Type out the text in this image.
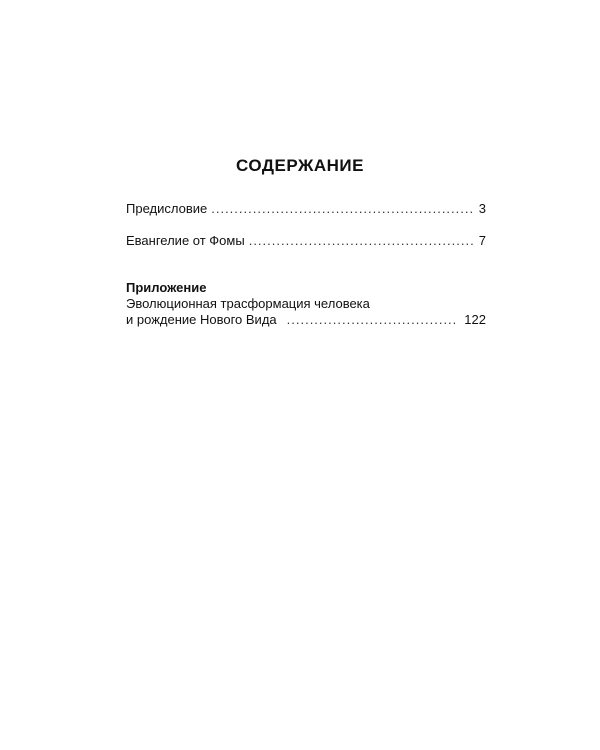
СОДЕРЖАНИЕ
Предисловие .....	3
Евангелие от Фомы .....	7
Приложение
Эволюционная трасформация человека
и рождение Нового Вида .....	122
